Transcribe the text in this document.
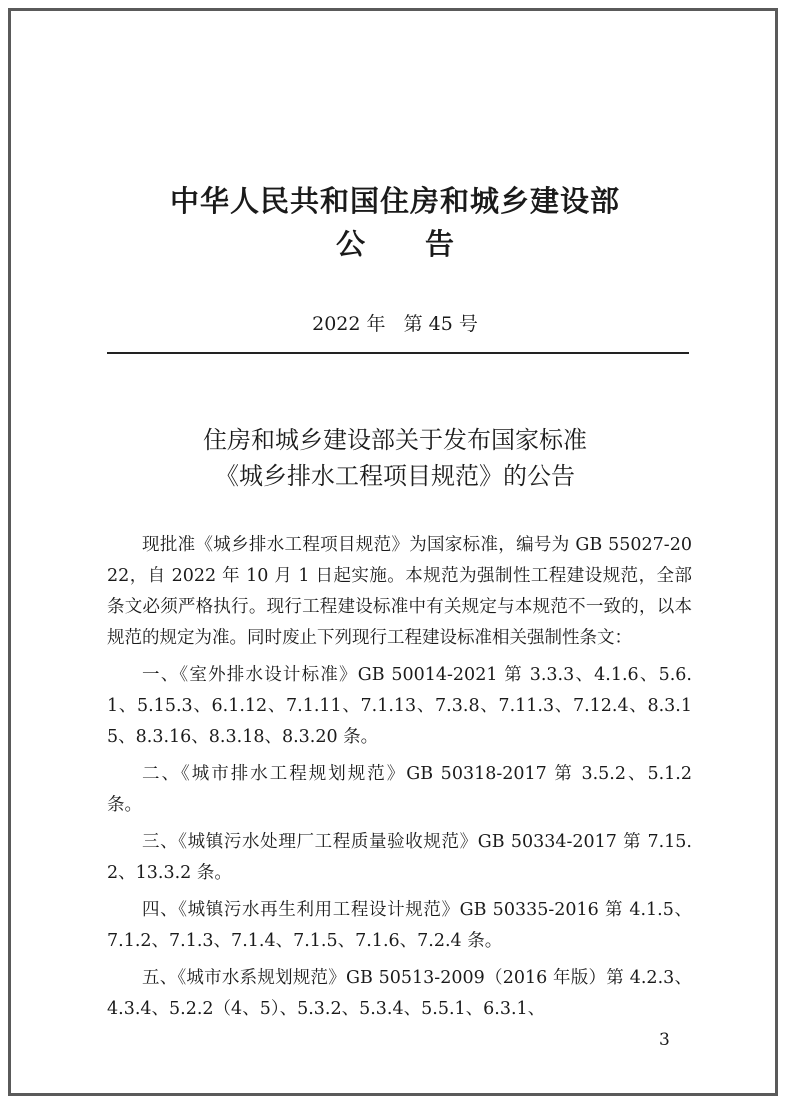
中华人民共和国住房和城乡建设部
公告
2022 年   第 45 号
住房和城乡建设部关于发布国家标准
《城乡排水工程项目规范》的公告

现批准《城乡排水工程项目规范》为国家标准，编号为 GB 55027-2022，自 2022 年 10 月 1 日起实施。本规范为强制性工程建设规范，全部条文必须严格执行。现行工程建设标准中有关规定与本规范不一致的，以本规范的规定为准。同时废止下列现行工程建设标准相关强制性条文：

一、《室外排水设计标准》GB 50014-2021 第 3.3.3、4.1.6、5.6.1、5.15.3、6.1.12、7.1.11、7.1.13、7.3.8、7.11.3、7.12.4、8.3.15、8.3.16、8.3.18、8.3.20 条。

二、《城市排水工程规划规范》GB 50318-2017 第 3.5.2、5.1.2 条。

三、《城镇污水处理厂工程质量验收规范》GB 50334-2017 第 7.15.2、13.3.2 条。

四、《城镇污水再生利用工程设计规范》GB 50335-2016 第 4.1.5、7.1.2、7.1.3、7.1.4、7.1.5、7.1.6、7.2.4 条。

五、《城市水系规划规范》GB 50513-2009（2016 年版）第 4.2.3、4.3.4、5.2.2（4、5）、5.3.2、5.3.4、5.5.1、6.3.1、

3
